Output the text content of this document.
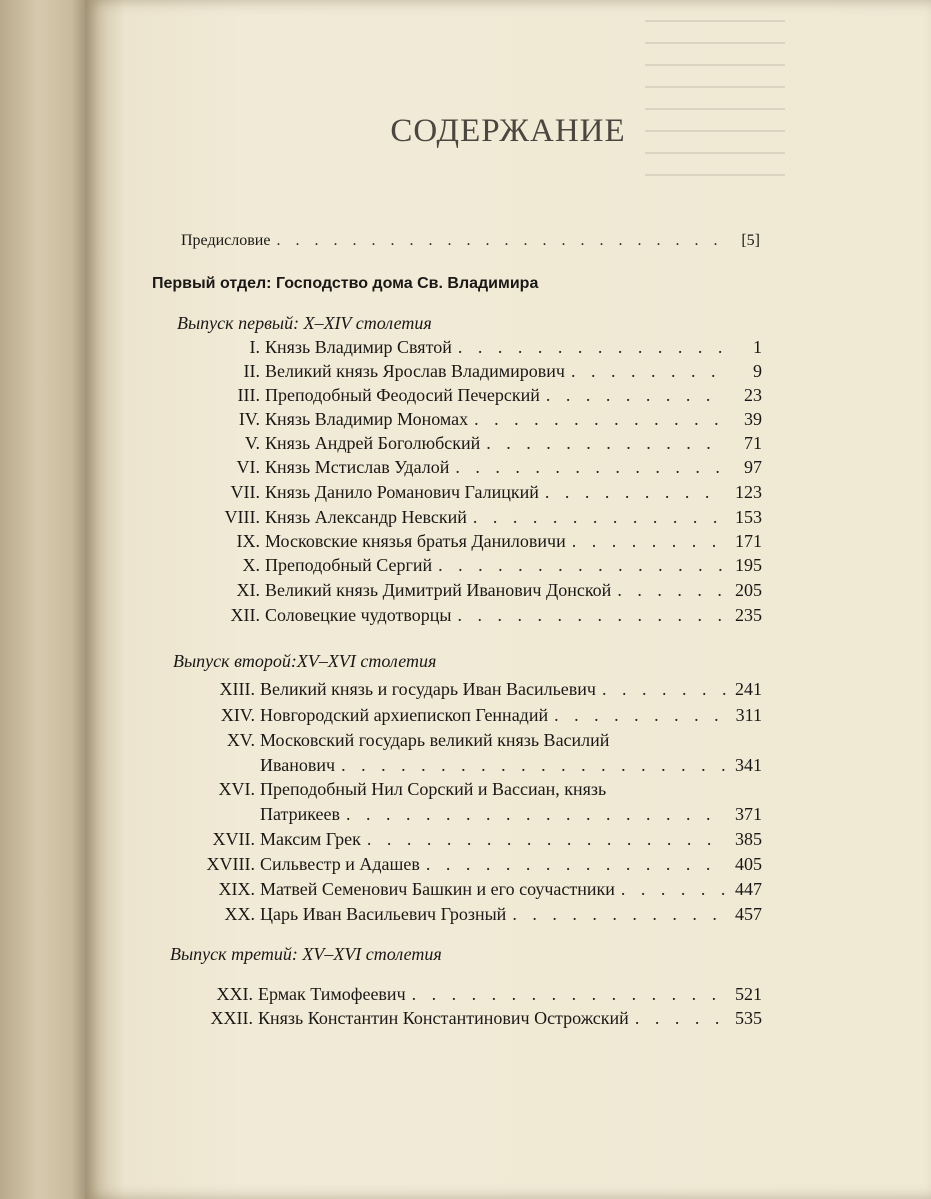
СОДЕРЖАНИЕ
Предисловие . . .	[5]
Первый отдел: Господство дома Св. Владимира
Выпуск первый: X–XIV столетия
I. Князь Владимир Святой . . .	1
II. Великий князь Ярослав Владимирович . . .	9
III. Преподобный Феодосий Печерский . . .	23
IV. Князь Владимир Мономах . . .	39
V. Князь Андрей Боголюбский . . .	71
VI. Князь Мстислав Удалой . . .	97
VII. Князь Данило Романович Галицкий . . .	123
VIII. Князь Александр Невский . . .	153
IX. Московские князья братья Даниловичи . . .	171
X. Преподобный Сергий . . .	195
XI. Великий князь Димитрий Иванович Донской . . .	205
XII. Соловецкие чудотворцы . . .	235
Выпуск второй:XV–XVI столетия
XIII. Великий князь и государь Иван Васильевич . . .	241
XIV. Новгородский архиепископ Геннадий . . .	311
XV. Московский государь великий князь Василий
Иванович . . .	341
XVI. Преподобный Нил Сорский и Вассиан, князь
Патрикеев . . .	371
XVII. Максим Грек . . .	385
XVIII. Сильвестр и Адашев . . .	405
XIX. Матвей Семенович Башкин и его соучастники . . .	447
XX. Царь Иван Васильевич Грозный . . .	457
Выпуск третий: XV–XVI столетия
XXI. Ермак Тимофеевич . . .	521
XXII. Князь Константин Константинович Острожский . . .	535
